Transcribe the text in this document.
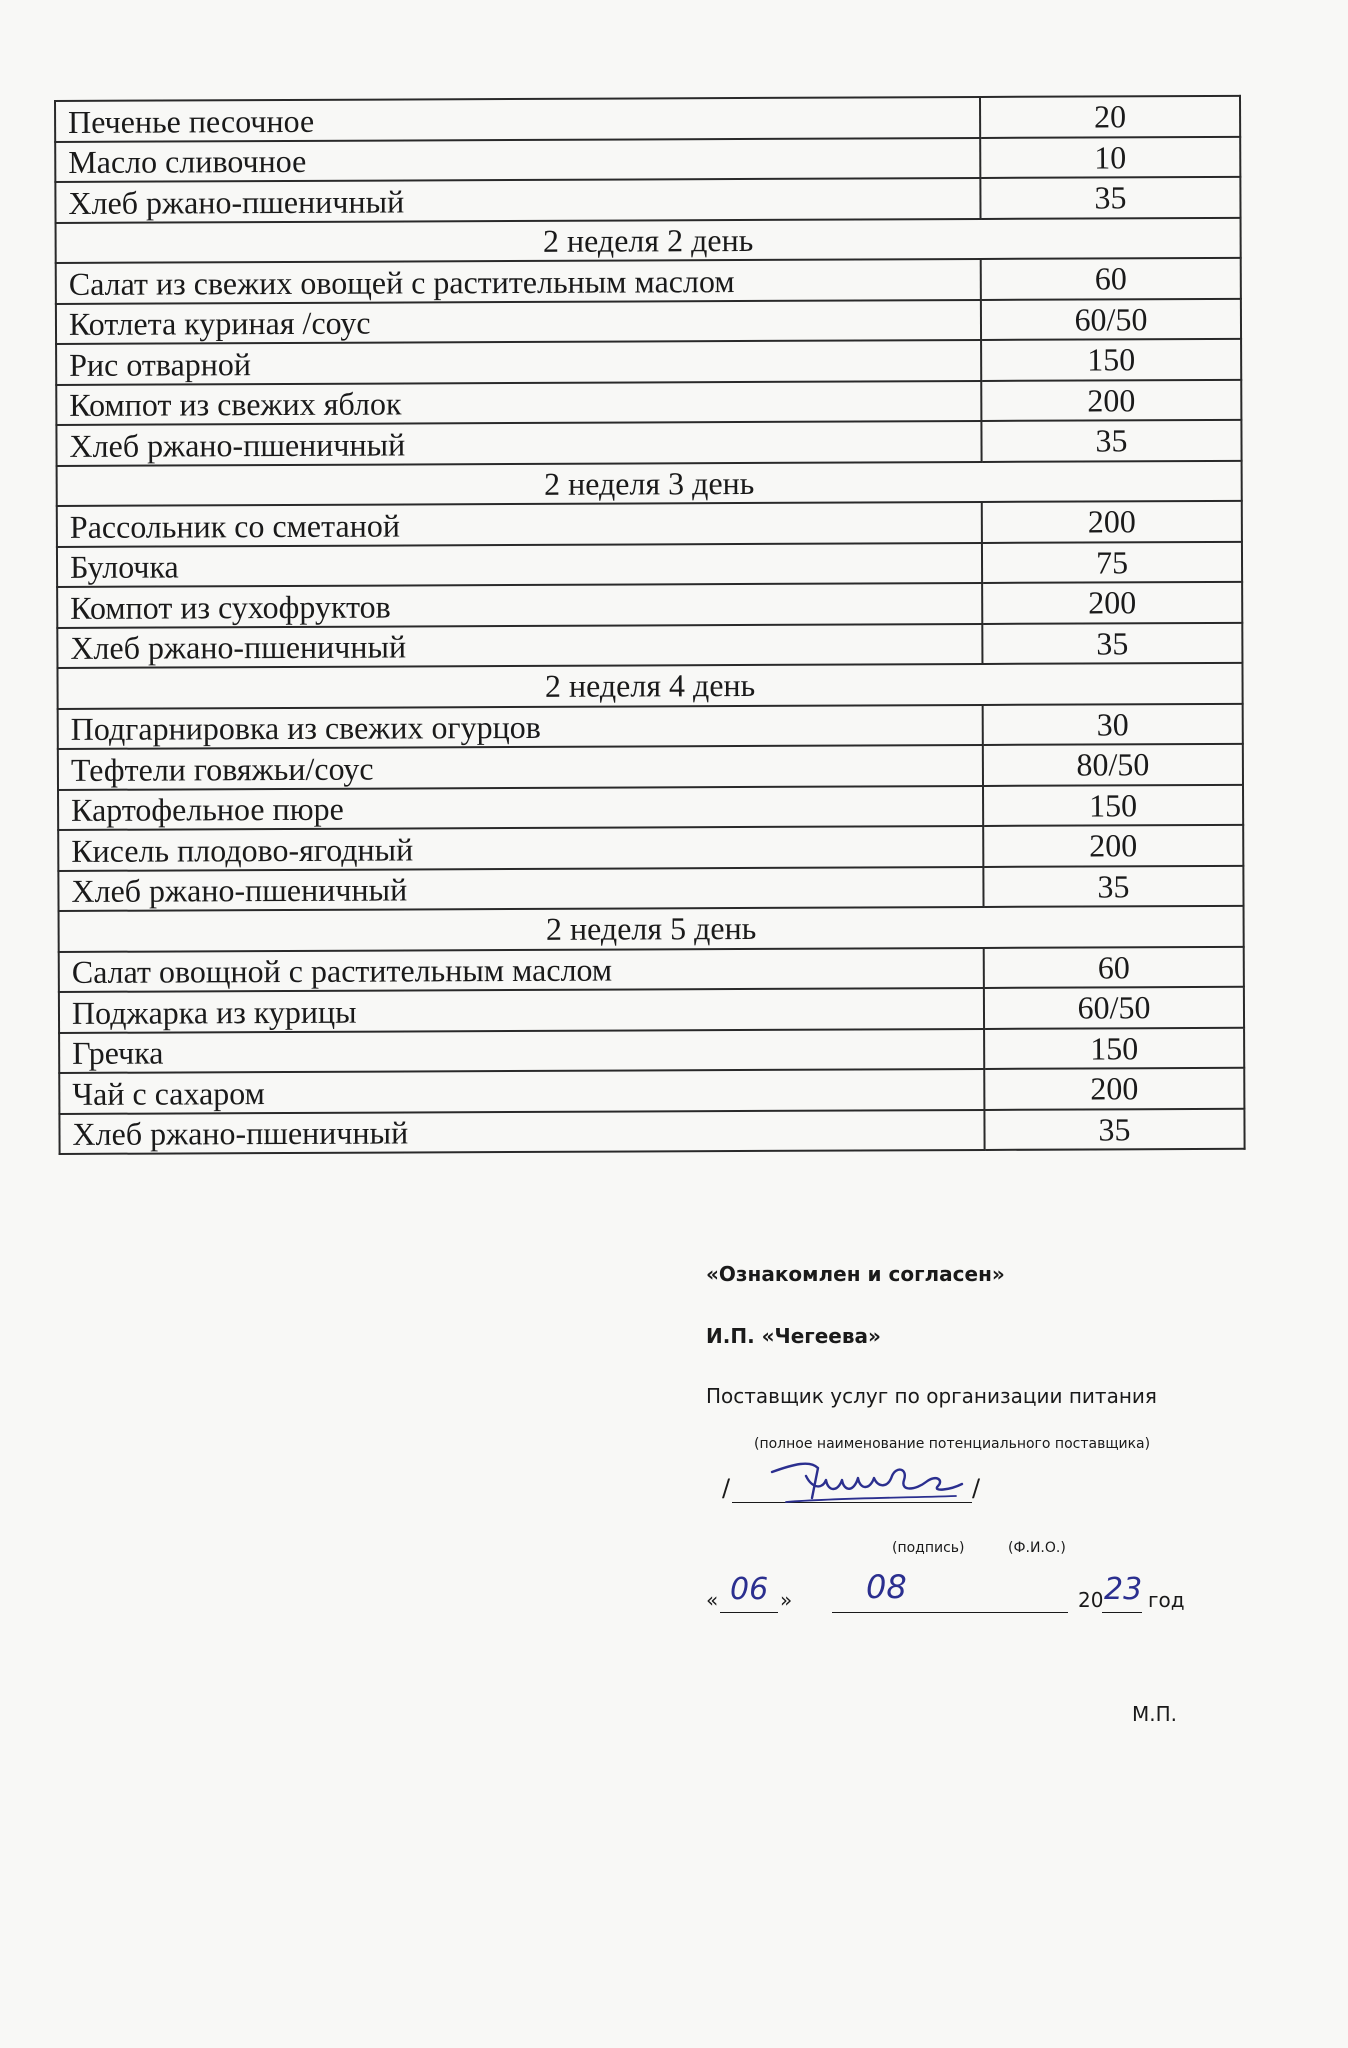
Печенье песочное	20
Масло сливочное	10
Хлеб ржано-пшеничный	35
2 неделя 2 день	
Салат из свежих овощей с растительным маслом	60
Котлета куриная /соус	60/50
Рис отварной	150
Компот из свежих яблок	200
Хлеб ржано-пшеничный	35
2 неделя 3 день	
Рассольник со сметаной	200
Булочка	75
Компот из сухофруктов	200
Хлеб ржано-пшеничный	35
2 неделя 4 день	
Подгарнировка из свежих огурцов	30
Тефтели говяжьи/соус	80/50
Картофельное пюре	150
Кисель плодово-ягодный	200
Хлеб ржано-пшеничный	35
2 неделя 5 день	
Салат овощной с растительным маслом	60
Поджарка из курицы	60/50
Гречка	150
Чай с сахаром	200
Хлеб ржано-пшеничный	35
«Ознакомлен и согласен»
И.П. «Чегеева»
Поставщик услуг по организации питания
(полное наименование потенциального поставщика)
/	/
(подпись)	(Ф.И.О.)
« 06 » 08	20 23 год
М.П.
